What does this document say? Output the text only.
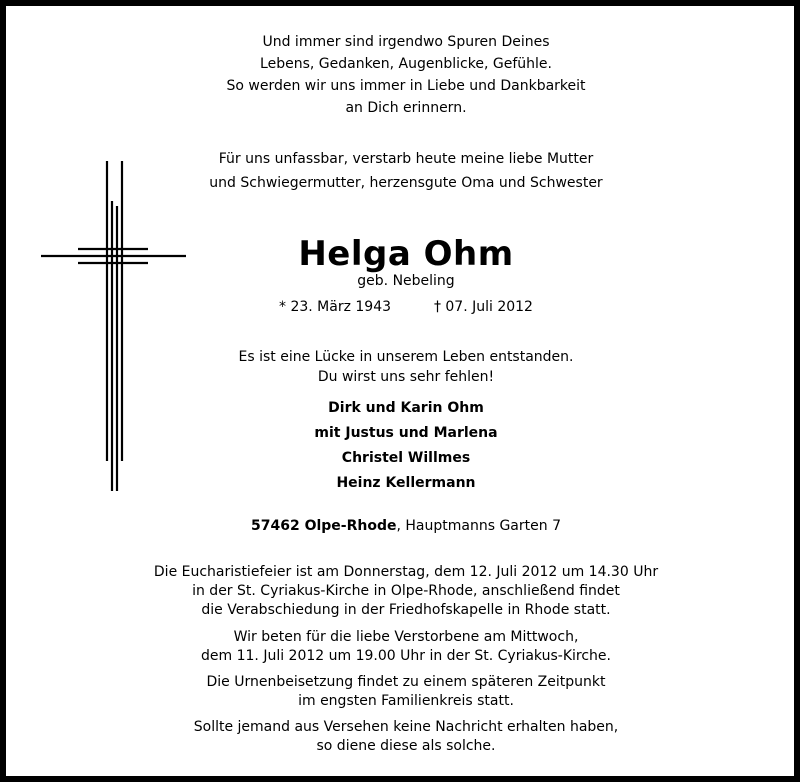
Und immer sind irgendwo Spuren Deines
Lebens, Gedanken, Augenblicke, Gefühle.
So werden wir uns immer in Liebe und Dankbarkeit
an Dich erinnern.
Für uns unfassbar, verstarb heute meine liebe Mutter
und Schwiegermutter, herzensgute Oma und Schwester
Helga Ohm
geb. Nebeling
* 23. März 1943	† 07. Juli 2012
Es ist eine Lücke in unserem Leben entstanden.
Du wirst uns sehr fehlen!
Dirk und Karin Ohm
mit Justus und Marlena
Christel Willmes
Heinz Kellermann
57462 Olpe-Rhode, Hauptmanns Garten 7
Die Eucharistiefeier ist am Donnerstag, dem 12. Juli 2012 um 14.30 Uhr
in der St. Cyriakus-Kirche in Olpe-Rhode, anschließend findet
die Verabschiedung in der Friedhofskapelle in Rhode statt.
Wir beten für die liebe Verstorbene am Mittwoch,
dem 11. Juli 2012 um 19.00 Uhr in der St. Cyriakus-Kirche.
Die Urnenbeisetzung findet zu einem späteren Zeitpunkt
im engsten Familienkreis statt.
Sollte jemand aus Versehen keine Nachricht erhalten haben,
so diene diese als solche.
